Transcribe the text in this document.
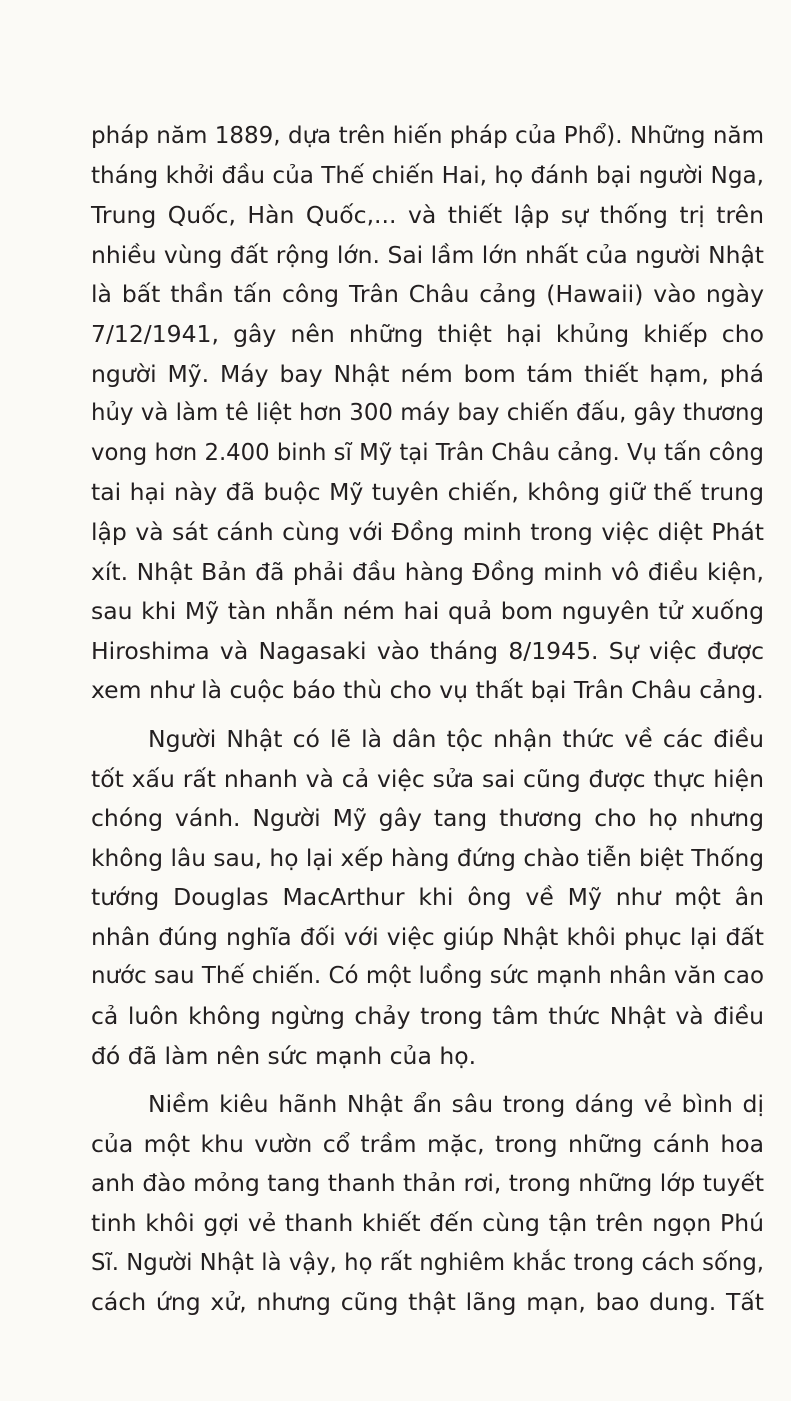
pháp năm 1889, dựa trên hiến pháp của Phổ). Những năm
tháng khởi đầu của Thế chiến Hai, họ đánh bại người Nga,
Trung Quốc, Hàn Quốc,... và thiết lập sự thống trị trên
nhiều vùng đất rộng lớn. Sai lầm lớn nhất của người Nhật
là bất thần tấn công Trân Châu cảng (Hawaii) vào ngày
7/12/1941, gây nên những thiệt hại khủng khiếp cho
người Mỹ. Máy bay Nhật ném bom tám thiết hạm, phá
hủy và làm tê liệt hơn 300 máy bay chiến đấu, gây thương
vong hơn 2.400 binh sĩ Mỹ tại Trân Châu cảng. Vụ tấn công
tai hại này đã buộc Mỹ tuyên chiến, không giữ thế trung
lập và sát cánh cùng với Đồng minh trong việc diệt Phát
xít. Nhật Bản đã phải đầu hàng Đồng minh vô điều kiện,
sau khi Mỹ tàn nhẫn ném hai quả bom nguyên tử xuống
Hiroshima và Nagasaki vào tháng 8/1945. Sự việc được
xem như là cuộc báo thù cho vụ thất bại Trân Châu cảng.
Người Nhật có lẽ là dân tộc nhận thức về các điều
tốt xấu rất nhanh và cả việc sửa sai cũng được thực hiện
chóng vánh. Người Mỹ gây tang thương cho họ nhưng
không lâu sau, họ lại xếp hàng đứng chào tiễn biệt Thống
tướng Douglas MacArthur khi ông về Mỹ như một ân
nhân đúng nghĩa đối với việc giúp Nhật khôi phục lại đất
nước sau Thế chiến. Có một luồng sức mạnh nhân văn cao
cả luôn không ngừng chảy trong tâm thức Nhật và điều
đó đã làm nên sức mạnh của họ.
Niềm kiêu hãnh Nhật ẩn sâu trong dáng vẻ bình dị
của một khu vườn cổ trầm mặc, trong những cánh hoa
anh đào mỏng tang thanh thản rơi, trong những lớp tuyết
tinh khôi gợi vẻ thanh khiết đến cùng tận trên ngọn Phú
Sĩ. Người Nhật là vậy, họ rất nghiêm khắc trong cách sống,
cách ứng xử, nhưng cũng thật lãng mạn, bao dung. Tất
